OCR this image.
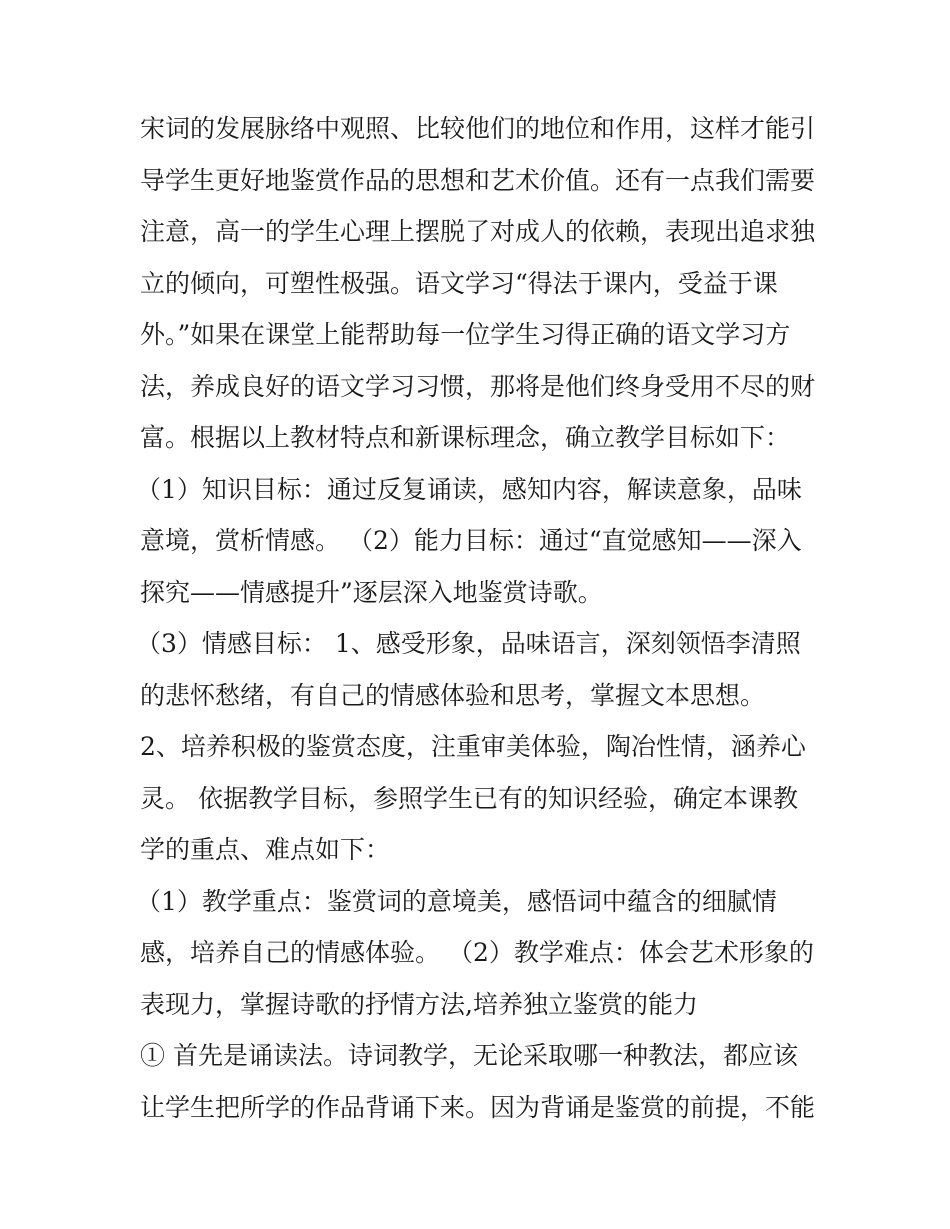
宋词的发展脉络中观照、比较他们的地位和作用，这样才能引
导学生更好地鉴赏作品的思想和艺术价值。还有一点我们需要
注意，高一的学生心理上摆脱了对成人的依赖，表现出追求独
立的倾向，可塑性极强。语文学习“得法于课内，受益于课
外。”如果在课堂上能帮助每一位学生习得正确的语文学习方
法，养成良好的语文学习习惯，那将是他们终身受用不尽的财
富。根据以上教材特点和新课标理念，确立教学目标如下：
（1）知识目标：通过反复诵读，感知内容，解读意象，品味
意境，赏析情感。 （2）能力目标：通过“直觉感知——深入
探究——情感提升”逐层深入地鉴赏诗歌。
（3）情感目标： 1、感受形象，品味语言，深刻领悟李清照
的悲怀愁绪，有自己的情感体验和思考，掌握文本思想。
2、培养积极的鉴赏态度，注重审美体验，陶冶性情，涵养心
灵。 依据教学目标，参照学生已有的知识经验，确定本课教
学的重点、难点如下：
（1）教学重点：鉴赏词的意境美，感悟词中蕴含的细腻情
感，培养自己的情感体验。 （2）教学难点：体会艺术形象的
表现力，掌握诗歌的抒情方法,培养独立鉴赏的能力
① 首先是诵读法。诗词教学，无论采取哪一种教法，都应该
让学生把所学的作品背诵下来。因为背诵是鉴赏的前提，不能
